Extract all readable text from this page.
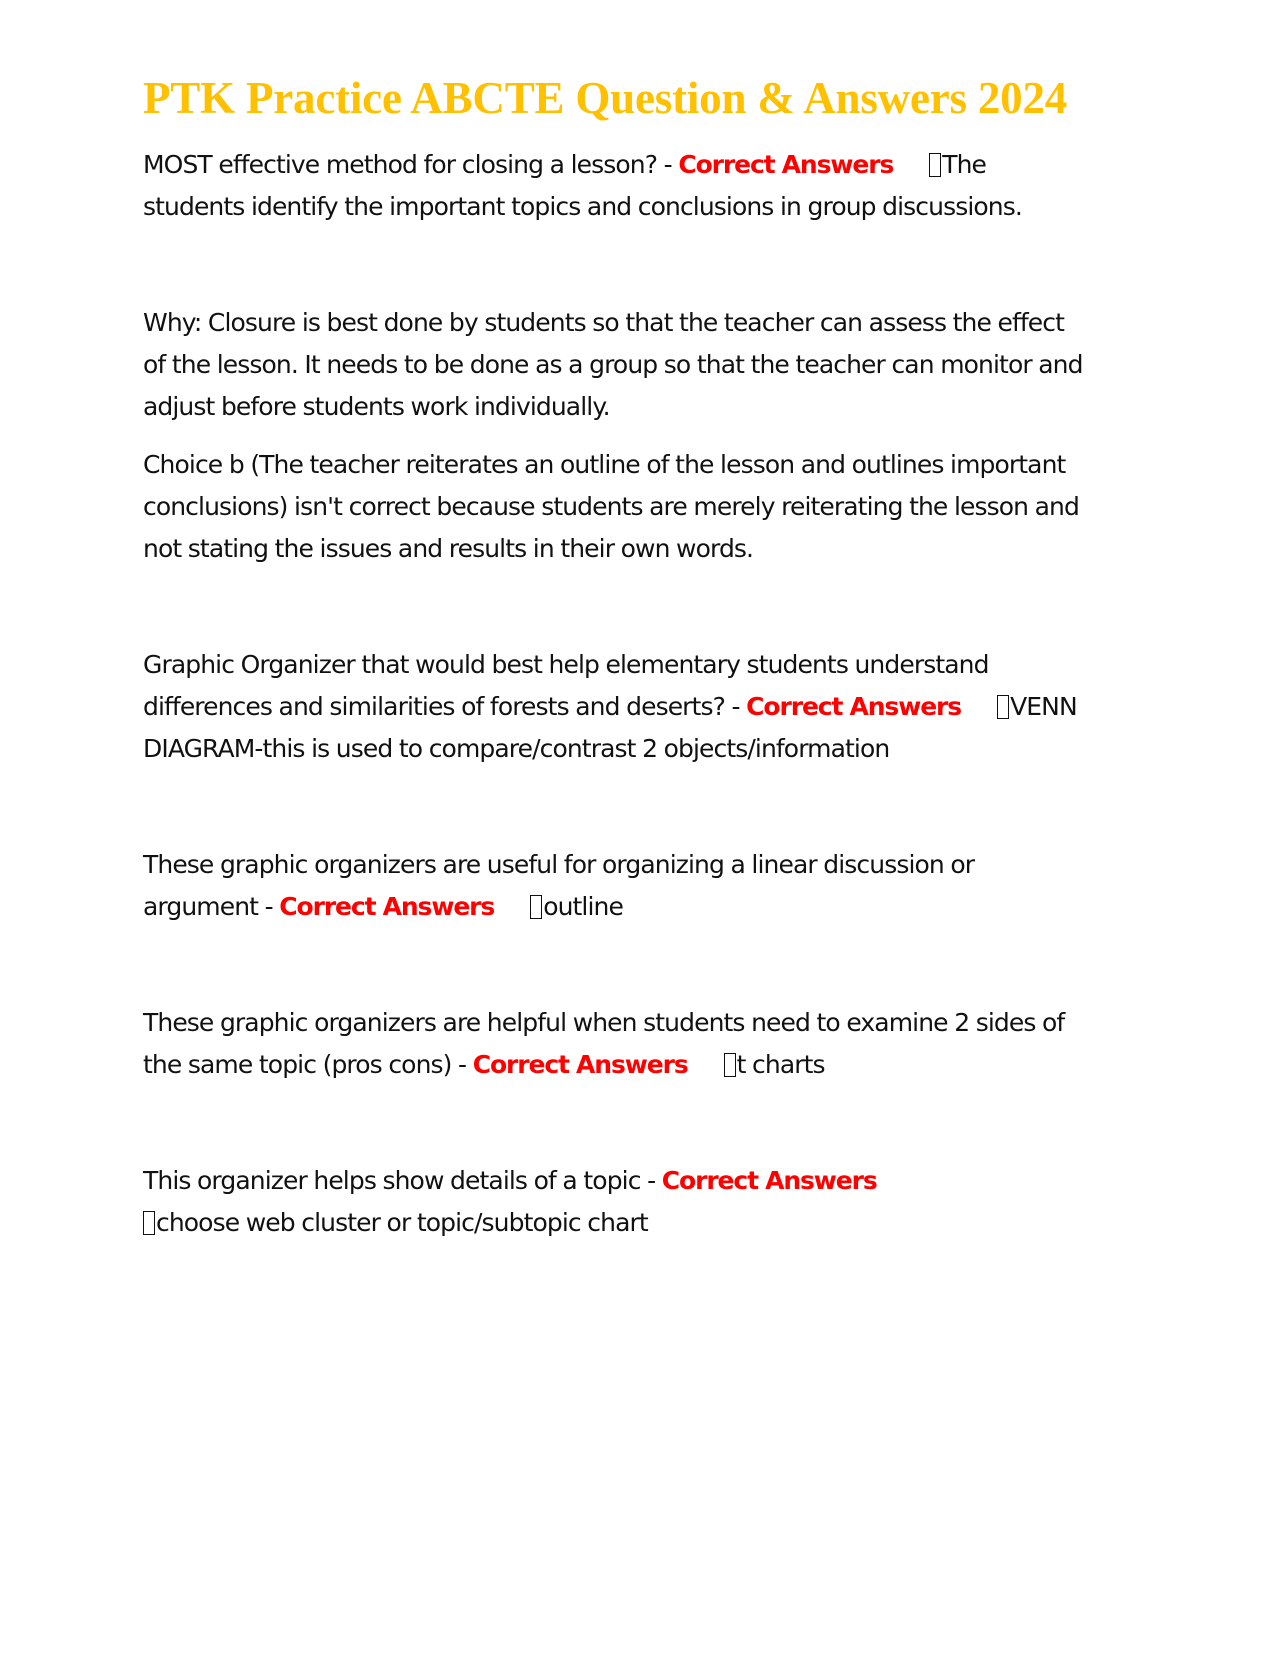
PTK Practice ABCTE Question & Answers 2024

MOST effective method for closing a lesson? - Correct Answers The students identify the important topics and conclusions in group discussions.

Why: Closure is best done by students so that the teacher can assess the effect of the lesson. It needs to be done as a group so that the teacher can monitor and adjust before students work individually.

Choice b (The teacher reiterates an outline of the lesson and outlines important conclusions) isn't correct because students are merely reiterating the lesson and not stating the issues and results in their own words.

Graphic Organizer that would best help elementary students understand differences and similarities of forests and deserts? - Correct Answers VENN DIAGRAM-this is used to compare/contrast 2 objects/information

These graphic organizers are useful for organizing a linear discussion or argument - Correct Answers outline

These graphic organizers are helpful when students need to examine 2 sides of the same topic (pros cons) - Correct Answers t charts

This organizer helps show details of a topic - Correct Answers
choose web cluster or topic/subtopic chart
